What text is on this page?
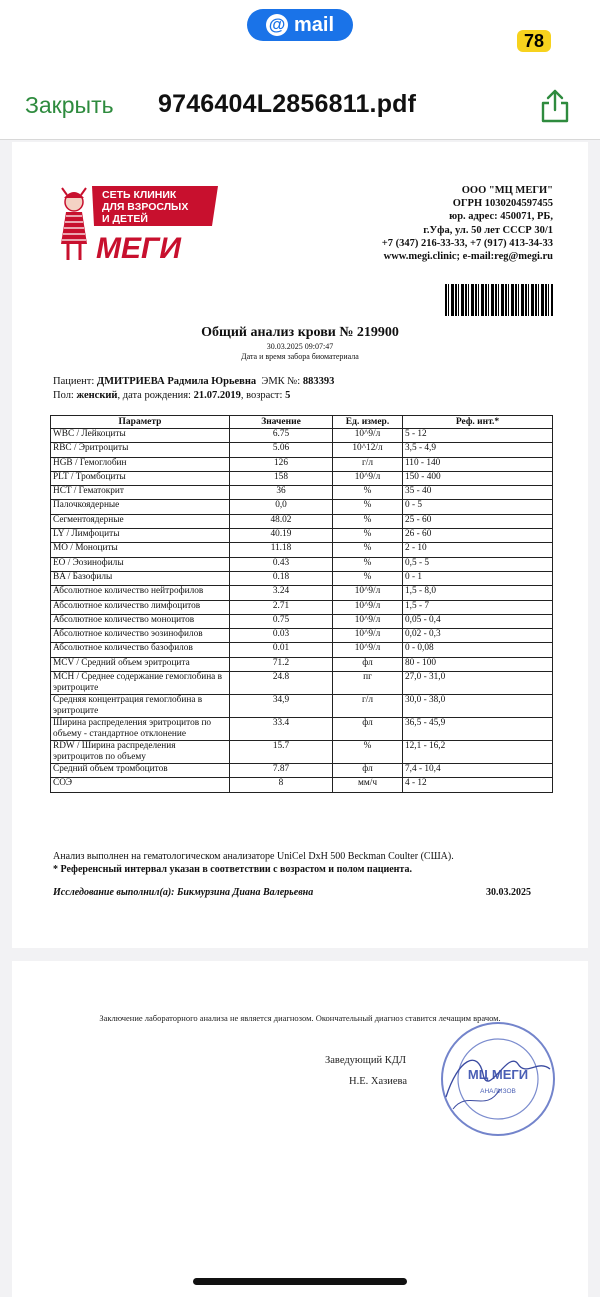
@ mail
78
Закрыть 9746404L2856811.pdf
СЕТЬ КЛИНИК
ДЛЯ ВЗРОСЛЫХ
И ДЕТЕЙ
МЕГИ
ООО "МЦ МЕГИ"
ОГРН 1030204597455
юр. адрес: 450071, РБ,
г.Уфа, ул. 50 лет СССР 30/1
+7 (347) 216-33-33, +7 (917) 413-34-33
www.megi.clinic; e-mail:reg@megi.ru
Общий анализ крови № 219900
30.03.2025 09:07:47
Дата и время забора биоматериала
Пациент: ДМИТРИЕВА Радмила Юрьевна ЭМК №: 883393
Пол: женский, дата рождения: 21.07.2019, возраст: 5
Параметр	Значение	Ед. измер.	Реф. инт.*
WBC / Лейкоциты	6.75	10^9/л	5 - 12
RBC / Эритроциты	5.06	10^12/л	3,5 - 4,9
HGB / Гемоглобин	126	г/л	110 - 140
PLT / Тромбоциты	158	10^9/л	150 - 400
HCT / Гематокрит	36	%	35 - 40
Палочкоядерные	0,0	%	0 - 5
Сегментоядерные	48.02	%	25 - 60
LY / Лимфоциты	40.19	%	26 - 60
MO / Моноциты	11.18	%	2 - 10
EO / Эозинофилы	0.43	%	0,5 - 5
BA / Базофилы	0.18	%	0 - 1
Абсолютное количество нейтрофилов	3.24	10^9/л	1,5 - 8,0
Абсолютное количество лимфоцитов	2.71	10^9/л	1,5 - 7
Абсолютное количество моноцитов	0.75	10^9/л	0,05 - 0,4
Абсолютное количество эозинофилов	0.03	10^9/л	0,02 - 0,3
Абсолютное количество базофилов	0.01	10^9/л	0 - 0,08
MCV / Средний объем эритроцита	71.2	фл	80 - 100
MCH / Среднее содержание гемоглобина в эритроците	24.8	пг	27,0 - 31,0
Средняя концентрация гемоглобина в эритроците	34,9	г/л	30,0 - 38,0
Ширина распределения эритроцитов по объему - стандартное отклонение	33.4	фл	36,5 - 45,9
RDW / Ширина распределения эритроцитов по объему	15.7	%	12,1 - 16,2
Средний объем тромбоцитов	7.87	фл	7,4 - 10,4
СОЭ	8	мм/ч	4 - 12
Анализ выполнен на гематологическом анализаторе UniCel DxH 500 Beckman Coulter (США).
* Референсный интервал указан в соответствии с возрастом и полом пациента.
Исследование выполнил(а): Бикмурзина Диана Валерьевна	30.03.2025
Заключение лабораторного анализа не является диагнозом. Окончательный диагноз ставится лечащим врачом.
Заведующий КДЛ
Н.Е. Хазиева	МЦ МЕГИ
АНАЛИЗОВ
